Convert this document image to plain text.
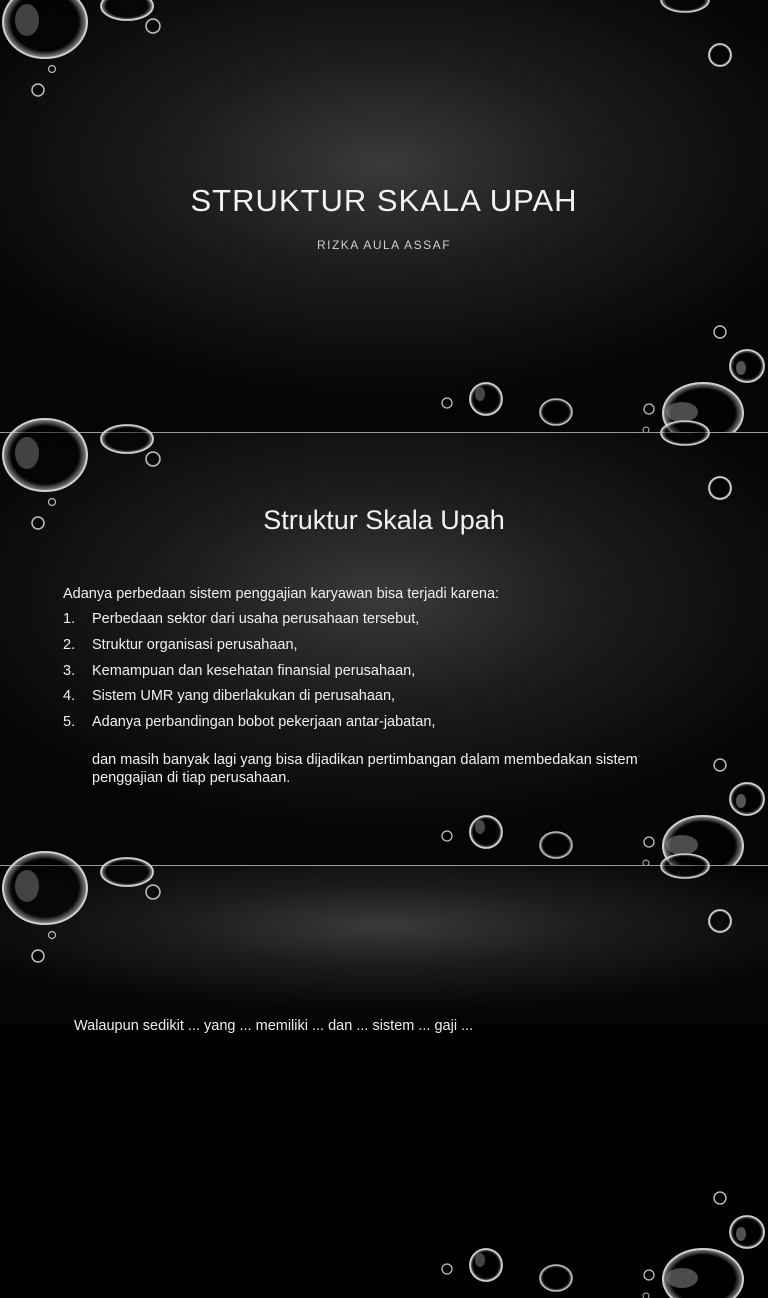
STRUKTUR SKALA UPAH
RIZKA AULA ASSAF
Struktur Skala Upah
Adanya perbedaan sistem penggajian karyawan bisa terjadi karena:
1.	Perbedaan sektor dari usaha perusahaan tersebut,
2.	Struktur organisasi perusahaan,
3.	Kemampuan dan kesehatan finansial perusahaan,
4.	Sistem UMR yang diberlakukan di perusahaan,
5.	Adanya perbandingan bobot pekerjaan antar-jabatan,
dan masih banyak lagi yang bisa dijadikan pertimbangan dalam membedakan sistem penggajian di tiap perusahaan.
Walaupun sedikit ... yang ... memiliki ... dan ... sistem ... gaji ...
